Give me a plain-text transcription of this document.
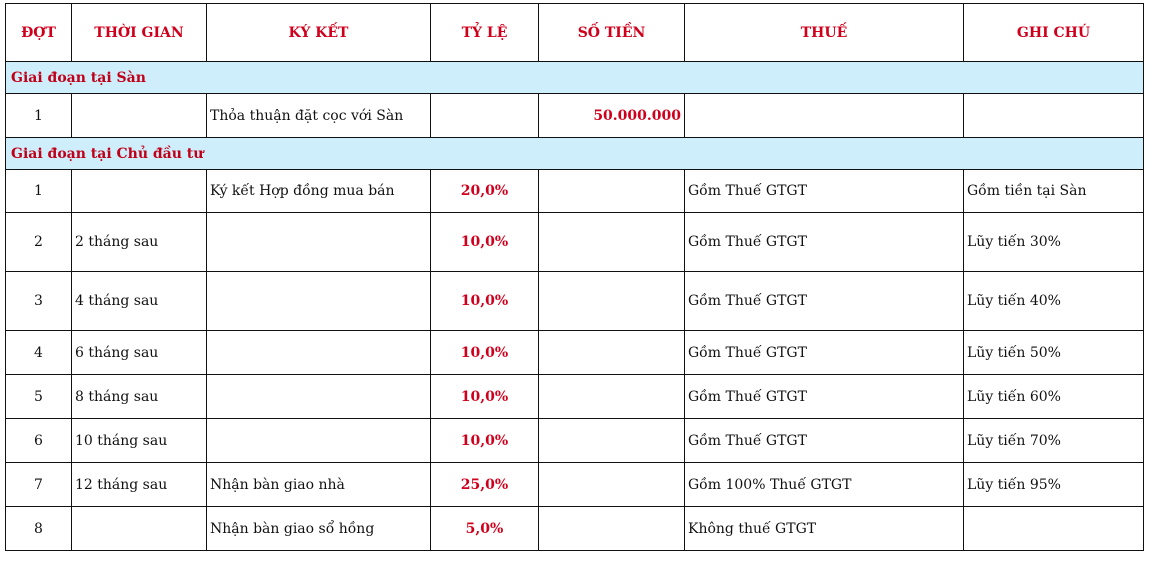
ĐỢT	THỜI GIAN	KÝ KẾT	TỶ LỆ	SỐ TIỀN	THUẾ	GHI CHÚ
Giai đoạn tại Sàn						
1		Thỏa thuận đặt cọc với Sàn		50.000.000		
Giai đoạn tại Chủ đầu tư						
1		Ký kết Hợp đồng mua bán	20,0%		Gồm Thuế GTGT	Gồm tiền tại Sàn
2	2 tháng sau		10,0%		Gồm Thuế GTGT	Lũy tiến 30%
3	4 tháng sau		10,0%		Gồm Thuế GTGT	Lũy tiến 40%
4	6 tháng sau		10,0%		Gồm Thuế GTGT	Lũy tiến 50%
5	8 tháng sau		10,0%		Gồm Thuế GTGT	Lũy tiến 60%
6	10 tháng sau		10,0%		Gồm Thuế GTGT	Lũy tiến 70%
7	12 tháng sau	Nhận bàn giao nhà	25,0%		Gồm 100% Thuế GTGT	Lũy tiến 95%
8		Nhận bàn giao sổ hồng	5,0%		Không thuế GTGT	
